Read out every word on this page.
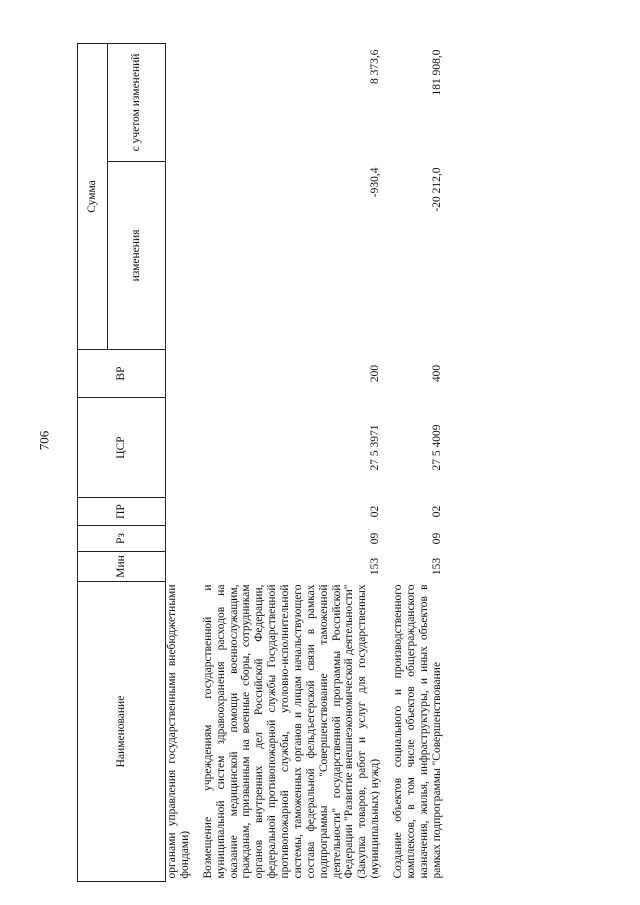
706
Наименование	Мин	Рз	ПР	ЦСР	ВР	Сумма	
						изменения	с учетом изменений
органами управления государственными внебюджетными фондами)							
Возмещение учреждениям государственной и муниципальной систем здравоохранения расходов на оказание медицинской помощи военнослужащим, гражданам, призванным на военные сборы, сотрудникам органов внутренних дел Российской Федерации, федеральной противопожарной службы Государственной противопожарной службы, уголовно-исполнительной системы, таможенных органов и лицам начальствующего состава федеральной фельдъегерской связи в рамках подпрограммы "Совершенствование таможенной деятельности" государственной программы Российской Федерации "Развитие внешнеэкономической деятельности" (Закупка товаров, работ и услуг для государственных (муниципальных) нужд)	153	09	02	27 5 3971	200	-930,4	8 373,6
Создание объектов социального и производственного комплексов, в том числе объектов общегражданского назначения, жилья, инфраструктуры, и иных объектов в рамках подпрограммы "Совершенствование	153	09	02	27 5 4009	400	-20 212,0	181 908,0
